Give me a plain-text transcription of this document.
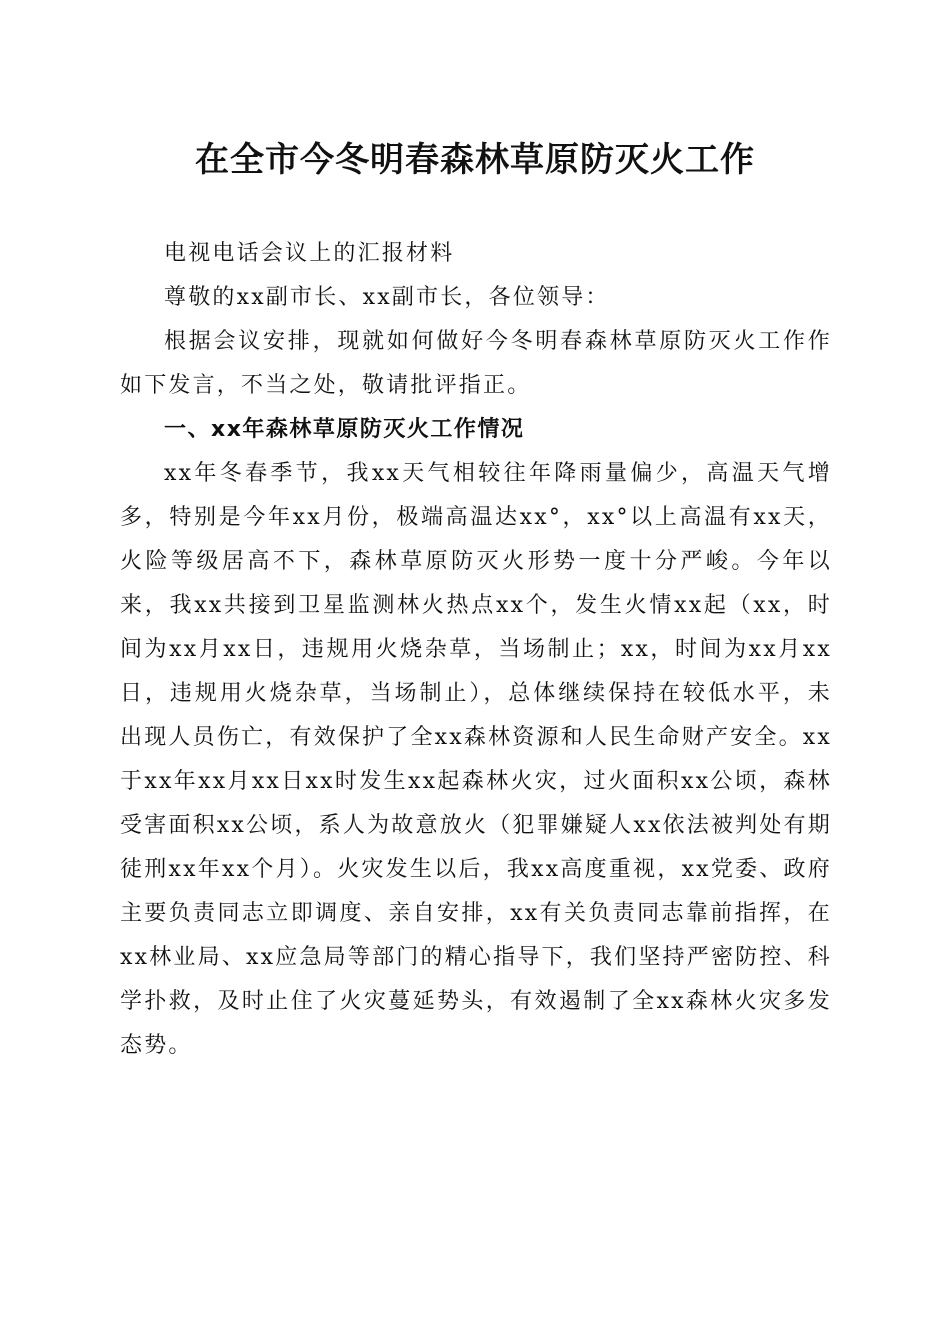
在全市今冬明春森林草原防灭火工作

电视电话会议上的汇报材料

尊敬的xx副市长、xx副市长，各位领导：

根据会议安排，现就如何做好今冬明春森林草原防灭火工作作如下发言，不当之处，敬请批评指正。

一、xx年森林草原防灭火工作情况

xx年冬春季节，我xx天气相较往年降雨量偏少，高温天气增多，特别是今年xx月份，极端高温达xx°，xx°以上高温有xx天，火险等级居高不下，森林草原防灭火形势一度十分严峻。今年以来，我xx共接到卫星监测林火热点xx个，发生火情xx起（xx，时间为xx月xx日，违规用火烧杂草，当场制止；xx，时间为xx月xx日，违规用火烧杂草，当场制止），总体继续保持在较低水平，未出现人员伤亡，有效保护了全xx森林资源和人民生命财产安全。xx于xx年xx月xx日xx时发生xx起森林火灾，过火面积xx公顷，森林受害面积xx公顷，系人为故意放火（犯罪嫌疑人xx依法被判处有期徒刑xx年xx个月）。火灾发生以后，我xx高度重视，xx党委、政府主要负责同志立即调度、亲自安排，xx有关负责同志靠前指挥，在xx林业局、xx应急局等部门的精心指导下，我们坚持严密防控、科学扑救，及时止住了火灾蔓延势头，有效遏制了全xx森林火灾多发态势。
